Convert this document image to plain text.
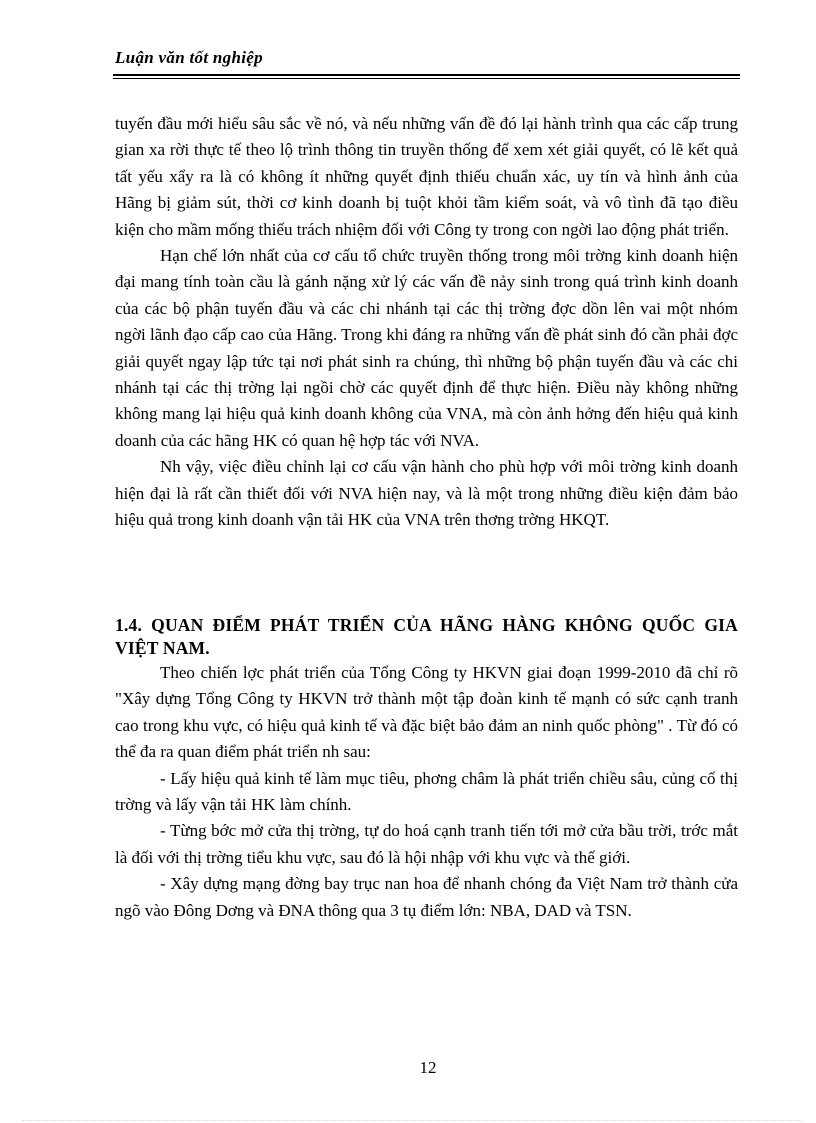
Luận văn tốt nghiệp

tuyến đầu mới hiểu sâu sắc về nó, và nếu những vấn đề đó lại hành trình qua các cấp trung gian xa rời thực tế theo lộ trình thông tin truyền thống để xem xét giải quyết, có lẽ kết quả tất yếu xẩy ra là có không ít những quyết định thiếu chuẩn xác, uy tín và hình ảnh của Hãng bị giảm sút, thời cơ kinh doanh bị tuột khỏi tầm kiểm soát, và vô tình đã tạo điều kiện cho mầm mống thiếu trách nhiệm đối với Công ty trong con ngời lao động phát triển.

Hạn chế lớn nhất của cơ cấu tổ chức truyền thống trong môi trờng kinh doanh hiện đại mang tính toàn cầu là gánh nặng xử lý các vấn đề nảy sinh trong quá trình kinh doanh của các bộ phận tuyến đầu và các chi nhánh tại các thị trờng đợc dồn lên vai một nhóm ngời lãnh đạo cấp cao của Hãng. Trong khi đáng ra những vấn đề phát sinh đó cần phải đợc giải quyết ngay lập tức tại nơi phát sinh ra chúng, thì những bộ phận tuyến đầu và các chi nhánh tại các thị trờng lại ngồi chờ các quyết định để thực hiện. Điều này không những không mang lại hiệu quả kinh doanh không của VNA, mà còn ảnh hởng đến hiệu quả kinh doanh của các hãng HK có quan hệ hợp tác với NVA.

Nh vậy, việc điều chỉnh lại cơ cấu vận hành cho phù hợp với môi trờng kinh doanh hiện đại là rất cần thiết đối với NVA hiện nay, và là một trong những điều kiện đảm bảo hiệu quả trong kinh doanh vận tải HK của VNA trên thơng trờng HKQT.

1.4. QUAN ĐIỂM PHÁT TRIỂN CỦA HÃNG HÀNG KHÔNG QUỐC GIA VIỆT NAM.

Theo chiến lợc phát triển của Tổng Công ty HKVN giai đoạn 1999-2010 đã chỉ rõ "Xây dựng Tổng Công ty HKVN trở thành một tập đoàn kinh tế mạnh có sức cạnh tranh cao trong khu vực, có hiệu quả kinh tế và đặc biệt bảo đảm an ninh quốc phòng" . Từ đó có thể đa ra quan điểm phát triển nh sau:

- Lấy hiệu quả kinh tế làm mục tiêu, phơng châm là phát triển chiều sâu, củng cố thị trờng và lấy vận tải HK làm chính.

- Từng bớc mở cửa thị trờng, tự do hoá cạnh tranh tiến tới mở cửa bầu trời, trớc mắt là đối với thị trờng tiểu khu vực, sau đó là hội nhập với khu vực và thế giới.

- Xây dựng mạng đờng bay trục nan hoa để nhanh chóng đa Việt Nam trở thành cửa ngõ vào Đông Dơng và ĐNA thông qua 3 tụ điểm lớn: NBA, DAD và TSN.

12
